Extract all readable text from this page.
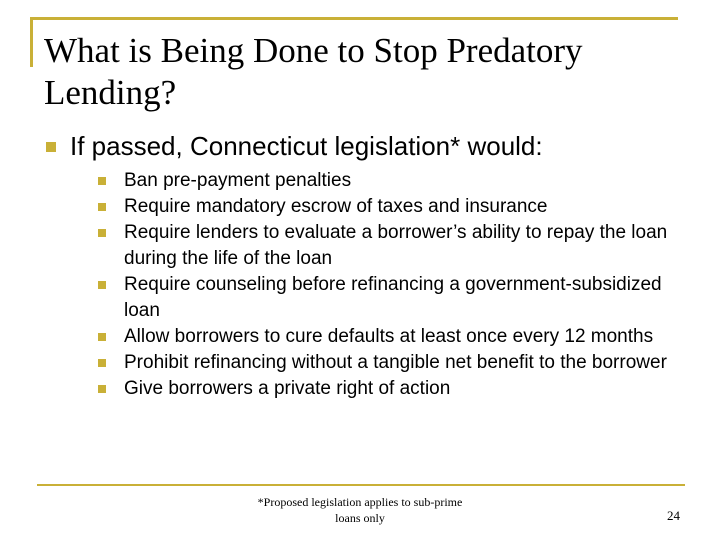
What is Being Done to Stop Predatory Lending?
If passed, Connecticut legislation* would:
Ban pre-payment penalties
Require mandatory escrow of taxes and insurance
Require lenders to evaluate a borrower’s ability to repay the loan during the life of the loan
Require counseling before refinancing a government-subsidized loan
Allow borrowers to cure defaults at least once every 12 months
Prohibit refinancing without a tangible net benefit to the borrower
Give borrowers a private right of action
*Proposed legislation applies to sub-prime loans only	24
